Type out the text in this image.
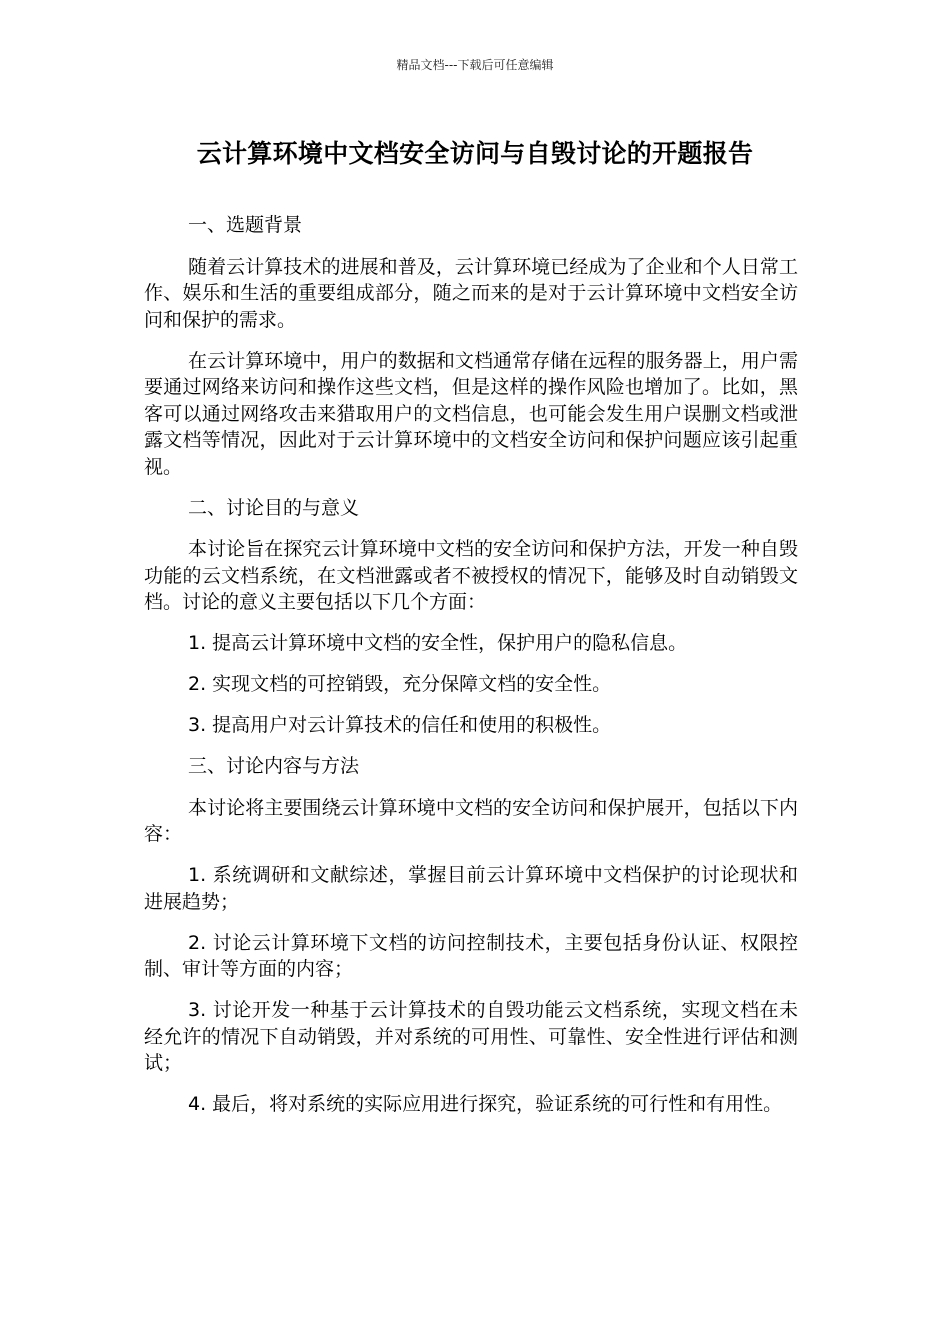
精品文档---下载后可任意编辑
云计算环境中文档安全访问与自毁讨论的开题报告

一、选题背景

随着云计算技术的进展和普及，云计算环境已经成为了企业和个人日常工作、娱乐和生活的重要组成部分，随之而来的是对于云计算环境中文档安全访问和保护的需求。

在云计算环境中，用户的数据和文档通常存储在远程的服务器上，用户需要通过网络来访问和操作这些文档，但是这样的操作风险也增加了。比如，黑客可以通过网络攻击来猎取用户的文档信息，也可能会发生用户误删文档或泄露文档等情况，因此对于云计算环境中的文档安全访问和保护问题应该引起重视。

二、讨论目的与意义

本讨论旨在探究云计算环境中文档的安全访问和保护方法，开发一种自毁功能的云文档系统，在文档泄露或者不被授权的情况下，能够及时自动销毁文档。讨论的意义主要包括以下几个方面：

1. 提高云计算环境中文档的安全性，保护用户的隐私信息。

2. 实现文档的可控销毁，充分保障文档的安全性。

3. 提高用户对云计算技术的信任和使用的积极性。

三、讨论内容与方法

本讨论将主要围绕云计算环境中文档的安全访问和保护展开，包括以下内容：

1. 系统调研和文献综述，掌握目前云计算环境中文档保护的讨论现状和进展趋势；

2. 讨论云计算环境下文档的访问控制技术，主要包括身份认证、权限控制、审计等方面的内容；

3. 讨论开发一种基于云计算技术的自毁功能云文档系统，实现文档在未经允许的情况下自动销毁，并对系统的可用性、可靠性、安全性进行评估和测试；

4. 最后，将对系统的实际应用进行探究，验证系统的可行性和有用性。
